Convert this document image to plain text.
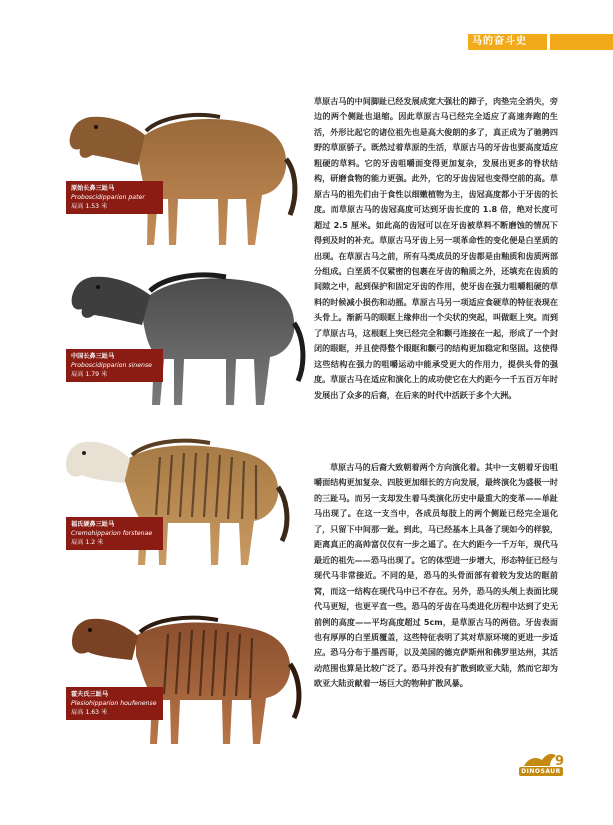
马的奋斗史
原始长鼻三趾马
Proboscidipparion pater
肩高 1.53 米
中国长鼻三趾马
Proboscidipparion sinense
肩高 1.79 米
福氏硬鼻三趾马
Cremohipparion forstenae
肩高 1.2 米
霍夫氏三趾马
Plesiohipparion houfenense
肩高 1.63 米

草原古马的中间脚趾已经发展成宽大强壮的蹄子，肉垫完全消失，旁边的两个侧趾也退缩。因此草原古马已经完全适应了高速奔跑的生活，外形比起它的诸位祖先也是高大俊朗的多了，真正成为了驰骋四野的草原骄子。既然过着草原的生活，草原古马的牙齿也要高度适应粗硬的草料。它的牙齿咀嚼面变得更加复杂，发展出更多的脊状结构，研磨食物的能力更强。此外，它的牙齿齿冠也变得空前的高。草原古马的祖先们由于食性以细嫩植物为主，齿冠高度都小于牙齿的长度。而草原古马的齿冠高度可达到牙齿长度的 1.8 倍，绝对长度可超过 2.5 厘米。如此高的齿冠可以在牙齿被草料不断磨蚀的情况下得到及时的补充。草原古马牙齿上另一项革命性的变化便是白垩质的出现。在草原古马之前，所有马类成员的牙齿都是由釉质和齿质两部分组成。白垩质不仅紧密的包裹在牙齿的釉质之外，还填充在齿质的间隙之中，起到保护和固定牙齿的作用，使牙齿在强力咀嚼粗硬的草料的时候减小损伤和动摇。草原古马另一项适应食硬草的特征表现在头骨上。渐新马的眼眶上缘伸出一个尖状的突起，叫做眶上突。而到了草原古马，这根眶上突已经完全和颧弓连接在一起，形成了一个封闭的眼眶，并且使得整个眼眶和颧弓的结构更加稳定和坚固。这使得这些结构在强力的咀嚼运动中能承受更大的作用力，提供头骨的强度。草原古马在适应和演化上的成功使它在大约距今一千五百万年时发展出了众多的后裔，在后来的时代中活跃于多个大洲。

草原古马的后裔大致朝着两个方向演化着。其中一支朝着牙齿咀嚼面结构更加复杂、四肢更加细长的方向发展，最终演化为盛极一时的三趾马。而另一支却发生着马类演化历史中最重大的变革——单趾马出现了。在这一支当中，各成员每肢上的两个侧趾已经完全退化了，只留下中间那一趾。到此，马已经基本上具备了现如今的样貌，距离真正的高帅富仅仅有一步之遥了。在大约距今一千万年，现代马最近的祖先——恐马出现了。它的体型进一步增大，形态特征已经与现代马非常接近。不同的是，恐马的头骨面部有着较为发达的眶前窝，而这一结构在现代马中已不存在。另外，恐马的头颅上表面比现代马更短，也更平直一些。恐马的牙齿在马类进化历程中达到了史无前例的高度——平均高度超过 5cm，是草原古马的两倍。牙齿表面也有厚厚的白垩质覆盖，这些特征表明了其对草原环境的更进一步适应。恐马分布于墨西哥，以及美国的德克萨斯州和佛罗里达州，其活动范围也算是比较广泛了。恐马并没有扩散到欧亚大陆，然而它却为欧亚大陆贡献着一场巨大的物种扩散风暴。

DINOSAUR
9
